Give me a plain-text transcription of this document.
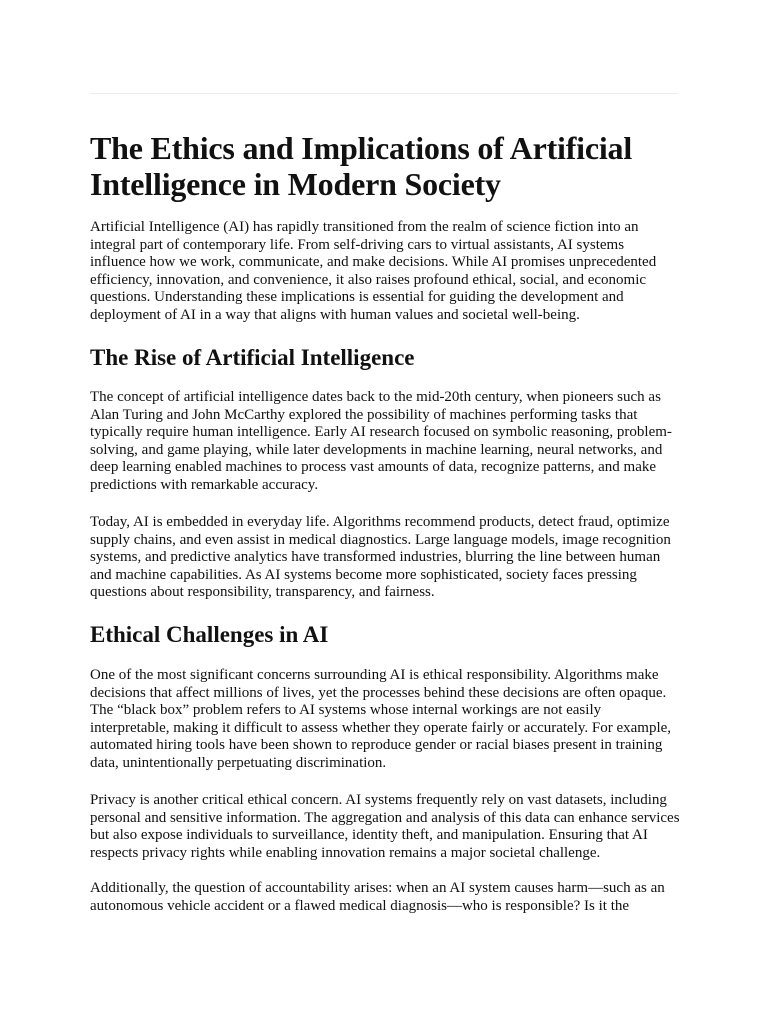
The Ethics and Implications of Artificial Intelligence in Modern Society

Artificial Intelligence (AI) has rapidly transitioned from the realm of science fiction into an integral part of contemporary life. From self-driving cars to virtual assistants, AI systems influence how we work, communicate, and make decisions. While AI promises unprecedented efficiency, innovation, and convenience, it also raises profound ethical, social, and economic questions. Understanding these implications is essential for guiding the development and deployment of AI in a way that aligns with human values and societal well-being.

The Rise of Artificial Intelligence

The concept of artificial intelligence dates back to the mid-20th century, when pioneers such as Alan Turing and John McCarthy explored the possibility of machines performing tasks that typically require human intelligence. Early AI research focused on symbolic reasoning, problem-solving, and game playing, while later developments in machine learning, neural networks, and deep learning enabled machines to process vast amounts of data, recognize patterns, and make predictions with remarkable accuracy.

Today, AI is embedded in everyday life. Algorithms recommend products, detect fraud, optimize supply chains, and even assist in medical diagnostics. Large language models, image recognition systems, and predictive analytics have transformed industries, blurring the line between human and machine capabilities. As AI systems become more sophisticated, society faces pressing questions about responsibility, transparency, and fairness.

Ethical Challenges in AI

One of the most significant concerns surrounding AI is ethical responsibility. Algorithms make decisions that affect millions of lives, yet the processes behind these decisions are often opaque. The “black box” problem refers to AI systems whose internal workings are not easily interpretable, making it difficult to assess whether they operate fairly or accurately. For example, automated hiring tools have been shown to reproduce gender or racial biases present in training data, unintentionally perpetuating discrimination.

Privacy is another critical ethical concern. AI systems frequently rely on vast datasets, including personal and sensitive information. The aggregation and analysis of this data can enhance services but also expose individuals to surveillance, identity theft, and manipulation. Ensuring that AI respects privacy rights while enabling innovation remains a major societal challenge.

Additionally, the question of accountability arises: when an AI system causes harm—such as an autonomous vehicle accident or a flawed medical diagnosis—who is responsible? Is it the
